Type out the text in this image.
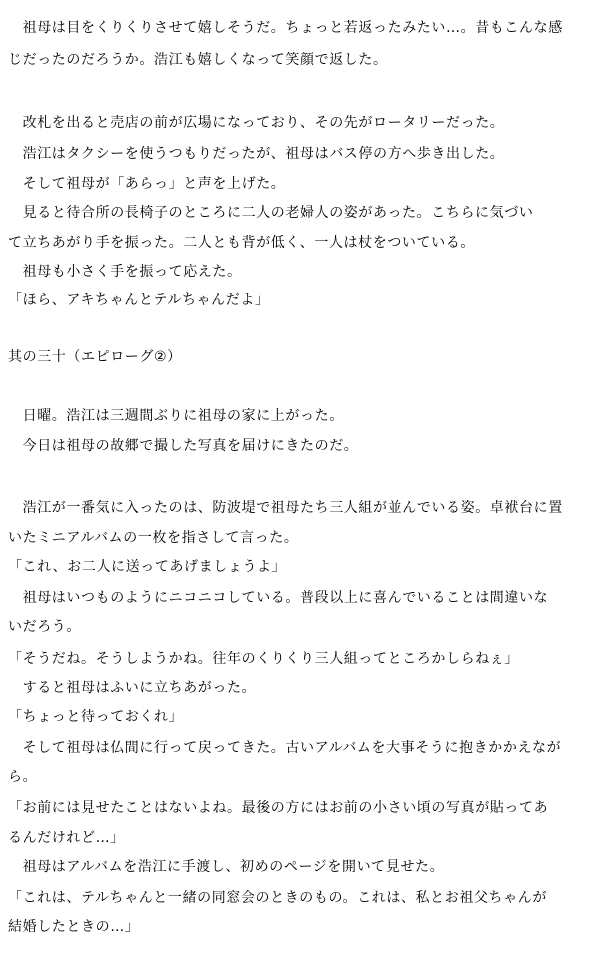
　祖母は目をくりくりさせて嬉しそうだ。ちょっと若返ったみたい…。昔もこんな感
じだったのだろうか。浩江も嬉しくなって笑顔で返した。
　改札を出ると売店の前が広場になっており、その先がロータリーだった。
　浩江はタクシーを使うつもりだったが、祖母はバス停の方へ歩き出した。
　そして祖母が「あらっ」と声を上げた。
　見ると待合所の長椅子のところに二人の老婦人の姿があった。こちらに気づい
て立ちあがり手を振った。二人とも背が低く、一人は杖をついている。
　祖母も小さく手を振って応えた。
「ほら、アキちゃんとテルちゃんだよ」
其の三十（エピローグ②）
　日曜。浩江は三週間ぶりに祖母の家に上がった。
　今日は祖母の故郷で撮した写真を届けにきたのだ。
　浩江が一番気に入ったのは、防波堤で祖母たち三人組が並んでいる姿。卓袱台に置
いたミニアルバムの一枚を指さして言った。
「これ、お二人に送ってあげましょうよ」
　祖母はいつものようにニコニコしている。普段以上に喜んでいることは間違いな
いだろう。
「そうだね。そうしようかね。往年のくりくり三人組ってところかしらねぇ」
　すると祖母はふいに立ちあがった。
「ちょっと待っておくれ」
　そして祖母は仏間に行って戻ってきた。古いアルバムを大事そうに抱きかかえなが
ら。
「お前には見せたことはないよね。最後の方にはお前の小さい頃の写真が貼ってあ
るんだけれど…」
　祖母はアルバムを浩江に手渡し、初めのページを開いて見せた。
「これは、テルちゃんと一緒の同窓会のときのもの。これは、私とお祖父ちゃんが
結婚したときの…」
